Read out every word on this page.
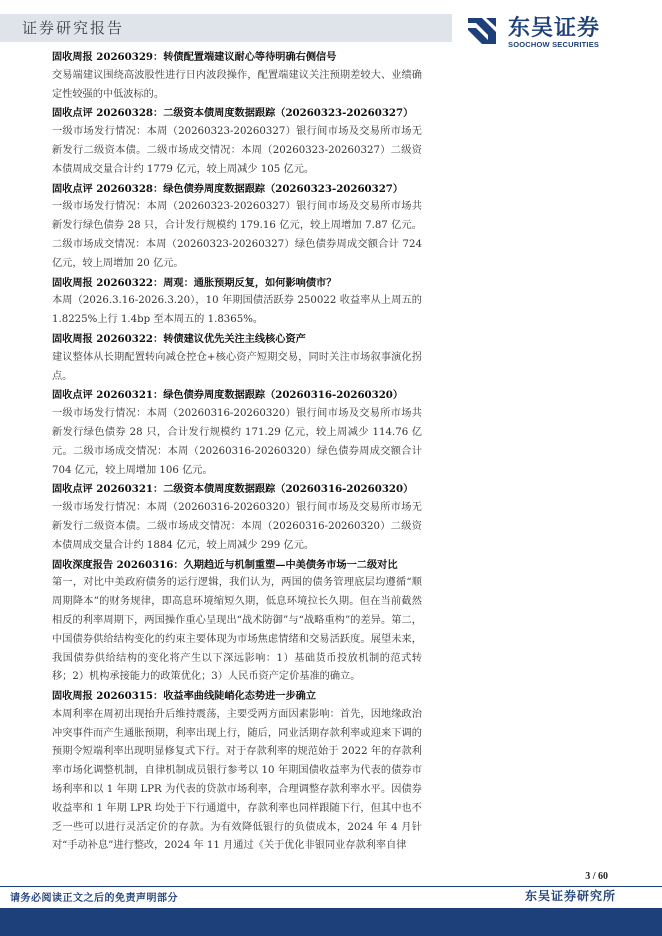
证券研究报告	东吴证券
SOOCHOW SECURITIES
固收周报 20260329：转债配置端建议耐心等待明确右侧信号

交易端建议围绕高波股性进行日内波段操作，配置端建议关注预期差较大、业绩确定性较强的中低波标的。

固收点评 20260328：二级资本债周度数据跟踪（20260323-20260327）

一级市场发行情况：本周（20260323-20260327）银行间市场及交易所市场无新发行二级资本债。二级市场成交情况：本周（20260323-20260327）二级资本债周成交量合计约 1779 亿元，较上周减少 105 亿元。

固收点评 20260328：绿色债券周度数据跟踪（20260323-20260327）

一级市场发行情况：本周（20260323-20260327）银行间市场及交易所市场共新发行绿色债券 28 只，合计发行规模约 179.16 亿元，较上周增加 7.87 亿元。二级市场成交情况：本周（20260323-20260327）绿色债券周成交额合计 724 亿元，较上周增加 20 亿元。

固收周报 20260322：周观：通胀预期反复，如何影响债市？

本周（2026.3.16-2026.3.20），10 年期国债活跃券 250022 收益率从上周五的 1.8225%上行 1.4bp 至本周五的 1.8365%。

固收周报 20260322：转债建议优先关注主线核心资产

建议整体从长期配置转向减仓控仓+核心资产短期交易，同时关注市场叙事演化拐点。

固收点评 20260321：绿色债券周度数据跟踪（20260316-20260320）

一级市场发行情况：本周（20260316-20260320）银行间市场及交易所市场共新发行绿色债券 28 只，合计发行规模约 171.29 亿元，较上周减少 114.76 亿元。二级市场成交情况：本周（20260316-20260320）绿色债券周成交额合计 704 亿元，较上周增加 106 亿元。

固收点评 20260321：二级资本债周度数据跟踪（20260316-20260320）

一级市场发行情况：本周（20260316-20260320）银行间市场及交易所市场无新发行二级资本债。二级市场成交情况：本周（20260316-20260320）二级资本债周成交量合计约 1884 亿元，较上周减少 299 亿元。

固收深度报告 20260316：久期趋近与机制重塑—中美债务市场一二级对比

第一，对比中美政府债务的运行逻辑，我们认为，两国的债务管理底层均遵循“顺周期降本”的财务规律，即高息环境缩短久期，低息环境拉长久期。但在当前截然相反的利率周期下，两国操作重心呈现出“战术防御”与“战略重构”的差异。第二，中国债券供给结构变化的约束主要体现为市场焦虑情绪和交易活跃度。展望未来，我国债券供给结构的变化将产生以下深远影响：1）基础货币投放机制的范式转移；2）机构承接能力的政策优化；3）人民币资产定价基准的确立。

固收周报 20260315：收益率曲线陡峭化态势进一步确立

本周利率在周初出现抬升后维持震荡，主要受两方面因素影响：首先，因地缘政治冲突事件而产生通胀预期，利率出现上行，随后，同业活期存款利率或迎来下调的预期令短端利率出现明显修复式下行。对于存款利率的规范始于 2022 年的存款利率市场化调整机制，自律机制成员银行参考以 10 年期国债收益率为代表的债券市场利率和以 1 年期 LPR 为代表的贷款市场利率，合理调整存款利率水平。因债券收益率和 1 年期 LPR 均处于下行通道中，存款利率也同样跟随下行，但其中也不乏一些可以进行灵活定价的存款。为有效降低银行的负债成本，2024 年 4 月针对“手动补息”进行整改，2024 年 11 月通过《关于优化非银同业存款利率自律

3 / 60
请务必阅读正文之后的免责声明部分	东吴证券研究所
